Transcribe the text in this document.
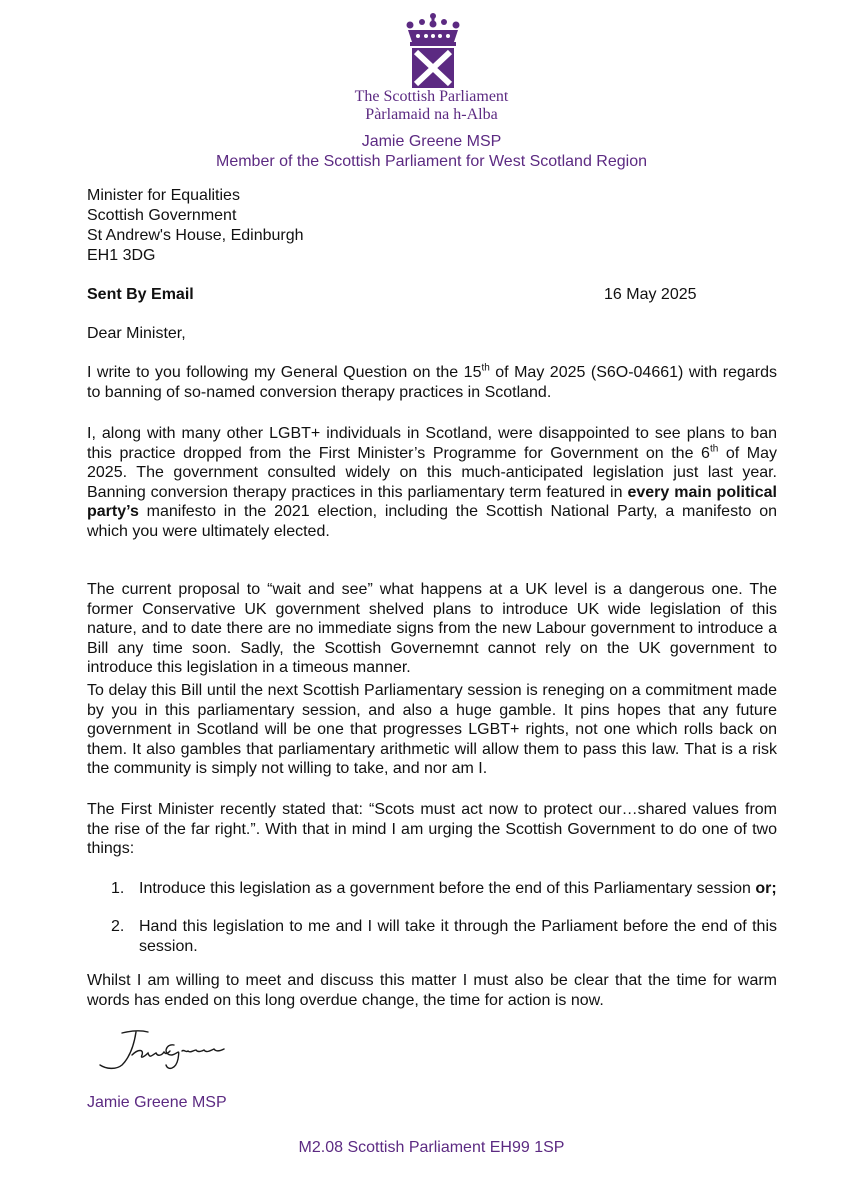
The Scottish Parliament
Pàrlamaid na h-Alba
Jamie Greene MSP
Member of the Scottish Parliament for West Scotland Region
Minister for Equalities
Scottish Government
St Andrew's House, Edinburgh
EH1 3DG
Sent By Email	16 May 2025
Dear Minister,

I write to you following my General Question on the 15th of May 2025 (S6O-04661) with regards to banning of so-named conversion therapy practices in Scotland.

I, along with many other LGBT+ individuals in Scotland, were disappointed to see plans to ban this practice dropped from the First Minister’s Programme for Government on the 6th of May 2025. The government consulted widely on this much-anticipated legislation just last year. Banning conversion therapy practices in this parliamentary term featured in every main political party’s manifesto in the 2021 election, including the Scottish National Party, a manifesto on which you were ultimately elected.

The current proposal to “wait and see” what happens at a UK level is a dangerous one. The former Conservative UK government shelved plans to introduce UK wide legislation of this nature, and to date there are no immediate signs from the new Labour government to introduce a Bill any time soon. Sadly, the Scottish Governemnt cannot rely on the UK government to introduce this legislation in a timeous manner.

To delay this Bill until the next Scottish Parliamentary session is reneging on a commitment made by you in this parliamentary session, and also a huge gamble. It pins hopes that any future government in Scotland will be one that progresses LGBT+ rights, not one which rolls back on them. It also gambles that parliamentary arithmetic will allow them to pass this law. That is a risk the community is simply not willing to take, and nor am I.

The First Minister recently stated that: “Scots must act now to protect our…shared values from the rise of the far right.”. With that in mind I am urging the Scottish Government to do one of two things:

1. Introduce this legislation as a government before the end of this Parliamentary session or;
2. Hand this legislation to me and I will take it through the Parliament before the end of this session.

Whilst I am willing to meet and discuss this matter I must also be clear that the time for warm words has ended on this long overdue change, the time for action is now.

Jamie Greene MSP
M2.08 Scottish Parliament EH99 1SP
